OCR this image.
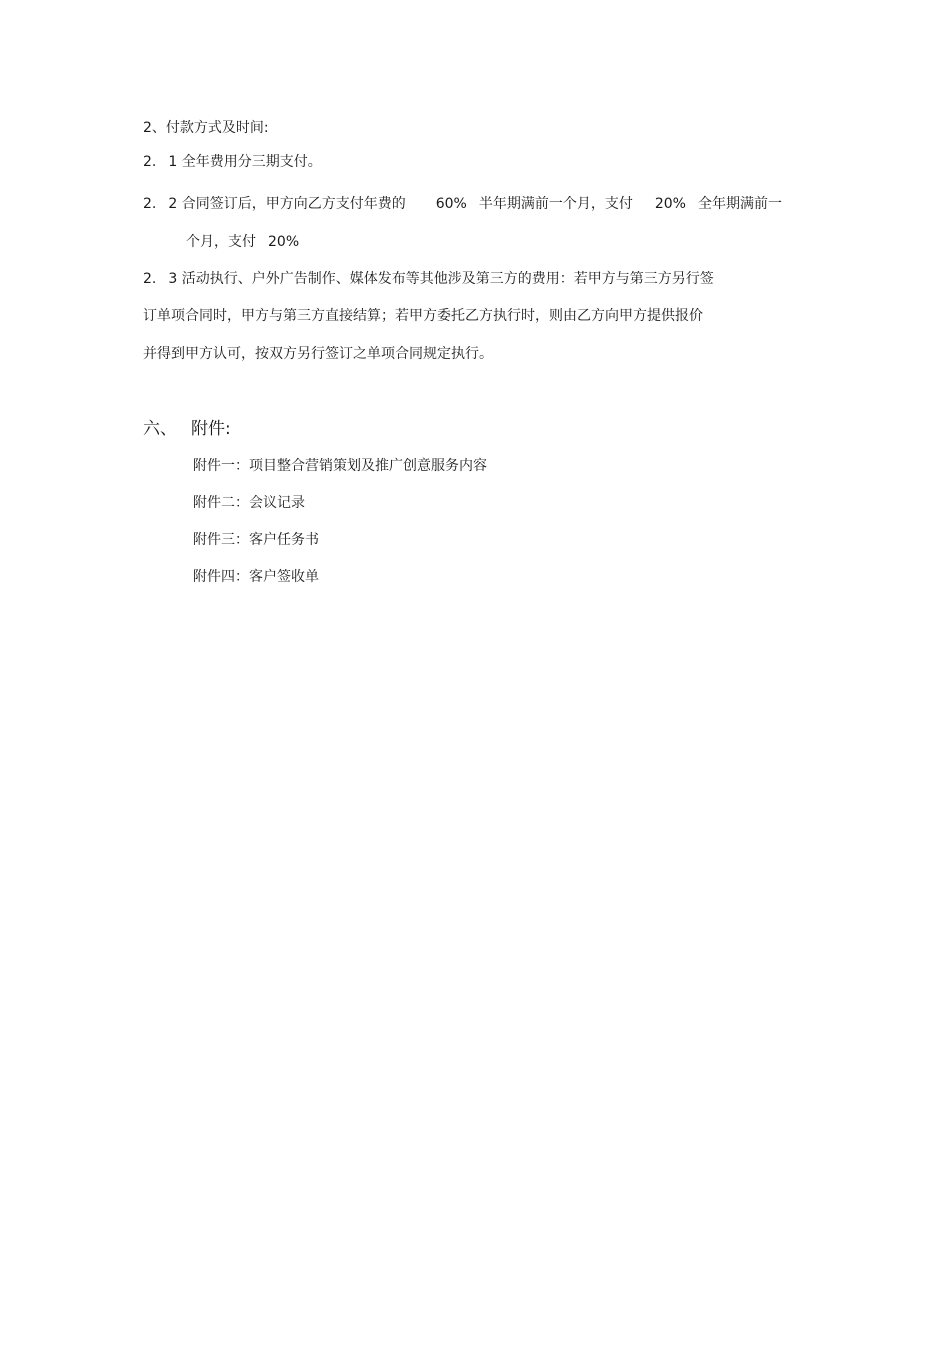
2、付款方式及时间:
2. 1 全年费用分三期支付。
2. 2 合同签订后，甲方向乙方支付年费的 60% 半年期满前一个月，支付 20% 全年期满前一
个月，支付 20%
2. 3 活动执行、户外广告制作、媒体发布等其他涉及第三方的费用：若甲方与第三方另行签
订单项合同时，甲方与第三方直接结算；若甲方委托乙方执行时，则由乙方向甲方提供报价
并得到甲方认可，按双方另行签订之单项合同规定执行。
六、 附件:
附件一：项目整合营销策划及推广创意服务内容
附件二：会议记录
附件三：客户任务书
附件四：客户签收单
